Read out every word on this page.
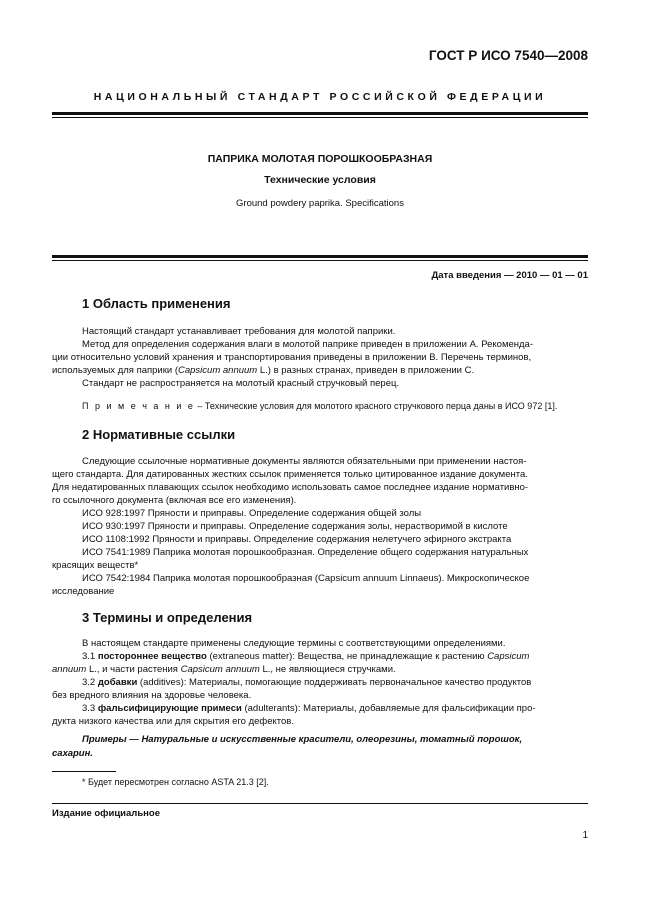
ГОСТ Р ИСО 7540—2008
НАЦИОНАЛЬНЫЙ СТАНДАРТ РОССИЙСКОЙ ФЕДЕРАЦИИ
ПАПРИКА МОЛОТАЯ ПОРОШКООБРАЗНАЯ
Технические условия
Ground powdery paprika. Specifications
Дата введения — 2010 — 01 — 01
1 Область применения
Настоящий стандарт устанавливает требования для молотой паприки.
Метод для определения содержания влаги в молотой паприке приведен в приложении А. Рекоменда-
ции относительно условий хранения и транспортирования приведены в приложении В. Перечень терминов,
используемых для паприки (Capsicum annuum L.) в разных странах, приведен в приложении С.
Стандарт не распространяется на молотый красный стручковый перец.
П р и м е ч а н и е – Технические условия для молотого красного стручкового перца даны в ИСО 972 [1].
2 Нормативные ссылки
Следующие ссылочные нормативные документы являются обязательными при применении настоя-
щего стандарта. Для датированных жестких ссылок применяется только цитированное издание документа.
Для недатированных плавающих ссылок необходимо использовать самое последнее издание нормативно-
го ссылочного документа (включая все его изменения).
ИСО 928:1997 Пряности и приправы. Определение содержания общей золы
ИСО 930:1997 Пряности и приправы. Определение содержания золы, нерастворимой в кислоте
ИСО 1108:1992 Пряности и приправы. Определение содержания нелетучего эфирного экстракта
ИСО 7541:1989 Паприка молотая порошкообразная. Определение общего содержания натуральных
красящих веществ*
ИСО 7542:1984 Паприка молотая порошкообразная (Capsicum annuum Linnaeus). Микроскопическое
исследование
3 Термины и определения
В настоящем стандарте применены следующие термины с соответствующими определениями.
3.1 постороннее вещество (extraneous matter): Вещества, не принадлежащие к растению Capsicum
annuum L., и части растения Capsicum annuum L., не являющиеся стручками.
3.2 добавки (additives): Материалы, помогающие поддерживать первоначальное качество продуктов
без вредного влияния на здоровье человека.
3.3 фальсифицирующие примеси (adulterants): Материалы, добавляемые для фальсификации про-
дукта низкого качества или для скрытия его дефектов.
Примеры — Натуральные и искусственные красители, олеорезины, томатный порошок,
сахарин.
* Будет пересмотрен согласно ASTA 21.3 [2].
Издание официальное
1
